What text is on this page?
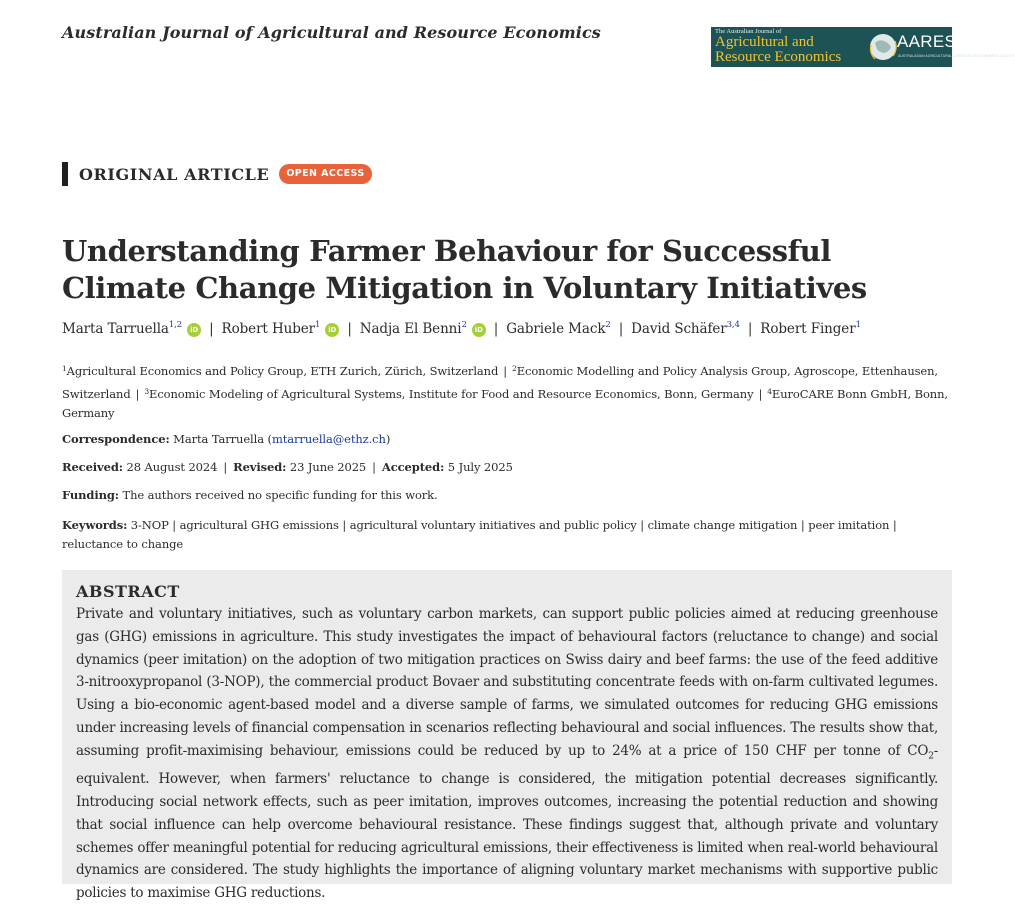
Australian Journal of Agricultural and Resource Economics	The Australian Journal of
Agricultural and
Resource Economics
AARES
AUSTRALASIAN AGRICULTURAL & RESOURCE ECONOMICS SOCIETY
ORIGINAL ARTICLE	OPEN ACCESS
Understanding Farmer Behaviour for Successful Climate Change Mitigation in Voluntary Initiatives
Marta Tarruella$^{1,2}$ iD | Robert Huber$^1$ iD | Nadja El Benni$^2$ iD | Gabriele Mack$^2$ | David Schäfer$^{3,4}$ | Robert Finger$^1$
$^1$Agricultural Economics and Policy Group, ETH Zurich, Zürich, Switzerland | $^2$Economic Modelling and Policy Analysis Group, Agroscope, Ettenhausen, Switzerland | $^3$Economic Modeling of Agricultural Systems, Institute for Food and Resource Economics, Bonn, Germany | $^4$EuroCARE Bonn GmbH, Bonn, Germany
Correspondence: Marta Tarruella (mtarruella@ethz.ch)
Received: 28 August 2024 | Revised: 23 June 2025 | Accepted: 5 July 2025
Funding: The authors received no specific funding for this work.
Keywords: 3-NOP | agricultural GHG emissions | agricultural voluntary initiatives and public policy | climate change mitigation | peer imitation | reluctance to change
ABSTRACT

Private and voluntary initiatives, such as voluntary carbon markets, can support public policies aimed at reducing greenhouse gas (GHG) emissions in agriculture. This study investigates the impact of behavioural factors (reluctance to change) and social dynamics (peer imitation) on the adoption of two mitigation practices on Swiss dairy and beef farms: the use of the feed additive 3-nitrooxypropanol (3-NOP), the commercial product Bovaer and substituting concentrate feeds with on-farm cultivated legumes. Using a bio-economic agent-based model and a diverse sample of farms, we simulated outcomes for reducing GHG emissions under increasing levels of financial compensation in scenarios reflecting behavioural and social influences. The results show that, assuming profit-maximising behaviour, emissions could be reduced by up to 24% at a price of 150 CHF per tonne of $CO_2$-equivalent. However, when farmers' reluctance to change is considered, the mitigation potential decreases significantly. Introducing social network effects, such as peer imitation, improves outcomes, increasing the potential reduction and showing that social influence can help overcome behavioural resistance. These findings suggest that, although private and voluntary schemes offer meaningful potential for reducing agricultural emissions, their effectiveness is limited when real-world behavioural dynamics are considered. The study highlights the importance of aligning voluntary market mechanisms with supportive public policies to maximise GHG reductions.
